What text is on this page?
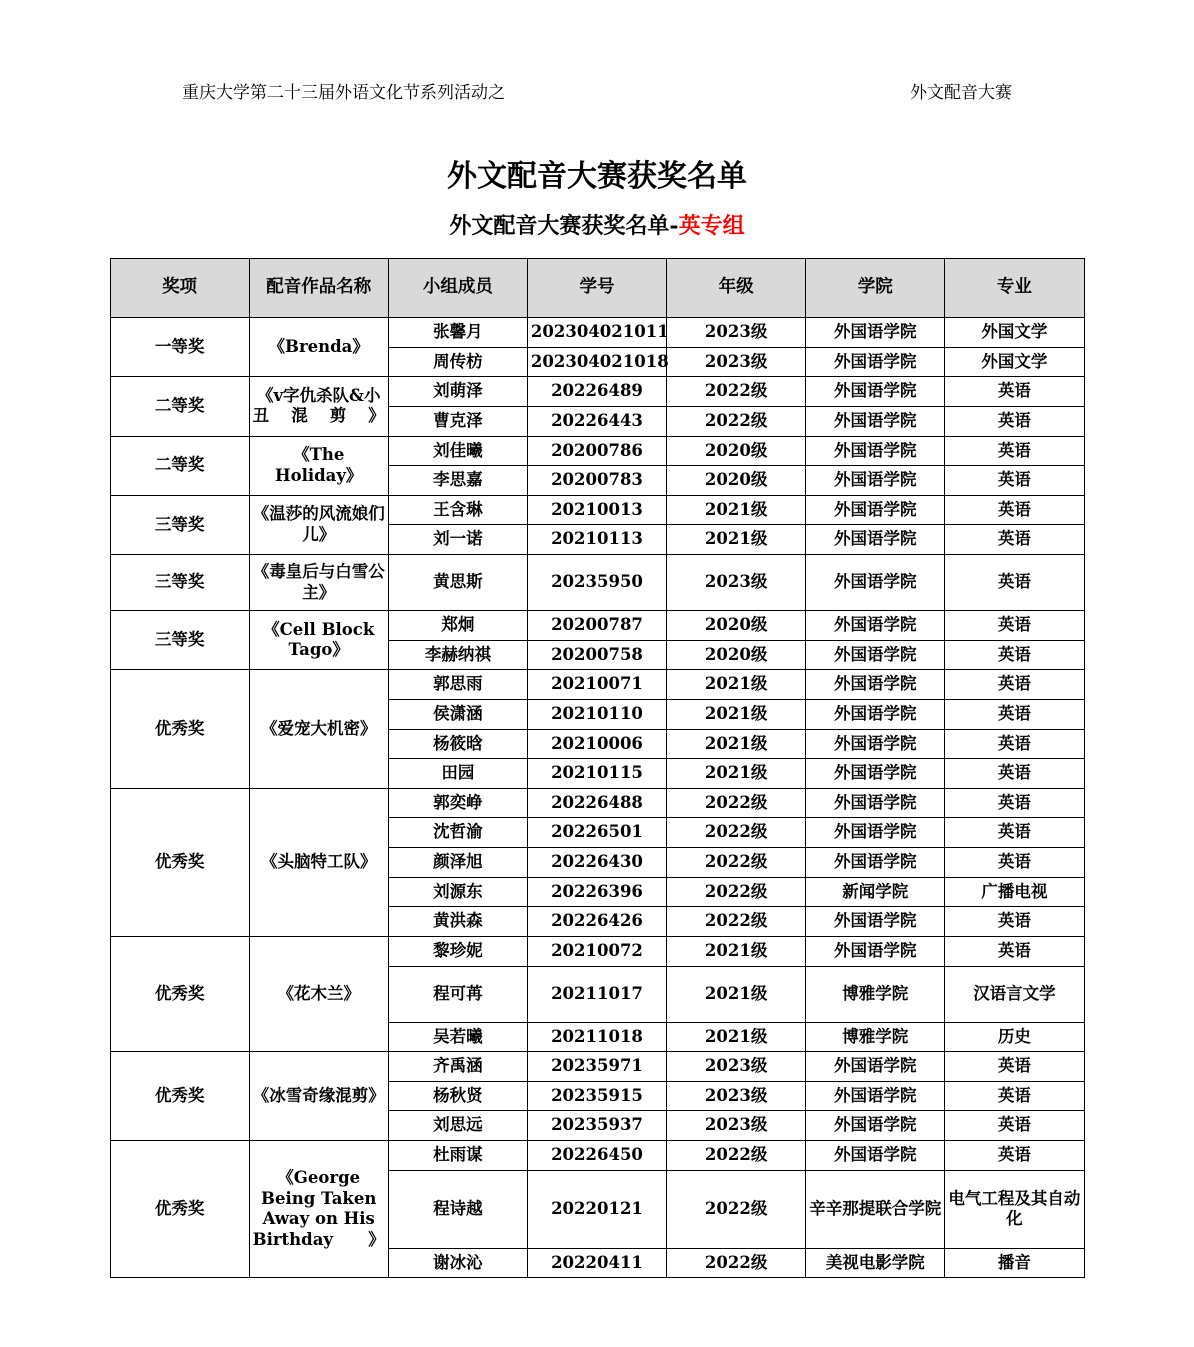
重庆大学第二十三届外语文化节系列活动之	外文配音大赛
外文配音大赛获奖名单
外文配音大赛获奖名单-英专组
奖项	配音作品名称	小组成员	学号	年级	学院	专业
一等奖	《Brenda》	张馨月	202304021011	2023级	外国语学院	外国文学
		周传枋	202304021018	2023级	外国语学院	外国文学
二等奖	《ⅴ字仇杀队&小丑混剪》	刘萌泽	20226489	2022级	外国语学院	英语
		曹克泽	20226443	2022级	外国语学院	英语
二等奖	《The Holiday》	刘佳曦	20200786	2020级	外国语学院	英语
		李思嘉	20200783	2020级	外国语学院	英语
三等奖	《温莎的风流娘们儿》	王含琳	20210013	2021级	外国语学院	英语
		刘一诺	20210113	2021级	外国语学院	英语
三等奖	《毒皇后与白雪公主》	黄思斯	20235950	2023级	外国语学院	英语
三等奖	《Cell Block Tago》	郑炯	20200787	2020级	外国语学院	英语
		李赫纳祺	20200758	2020级	外国语学院	英语
优秀奖	《爱宠大机密》	郭思雨	20210071	2021级	外国语学院	英语
		侯潇涵	20210110	2021级	外国语学院	英语
		杨筱晗	20210006	2021级	外国语学院	英语
		田园	20210115	2021级	外国语学院	英语
优秀奖	《头脑特工队》	郭奕峥	20226488	2022级	外国语学院	英语
		沈哲渝	20226501	2022级	外国语学院	英语
		颜泽旭	20226430	2022级	外国语学院	英语
		刘源东	20226396	2022级	新闻学院	广播电视
		黄洪森	20226426	2022级	外国语学院	英语
优秀奖	《花木兰》	黎珍妮	20210072	2021级	外国语学院	英语
		程可苒	20211017	2021级	博雅学院	汉语言文学
		吴若曦	20211018	2021级	博雅学院	历史
优秀奖	《冰雪奇缘混剪》	齐禹涵	20235971	2023级	外国语学院	英语
		杨秋贤	20235915	2023级	外国语学院	英语
		刘思远	20235937	2023级	外国语学院	英语
优秀奖	《George Being Taken Away on His Birthday》	杜雨谋	20226450	2022级	外国语学院	英语
		程诗越	20220121	2022级	辛辛那提联合学院	电气工程及其自动化
		谢冰沁	20220411	2022级	美视电影学院	播音
